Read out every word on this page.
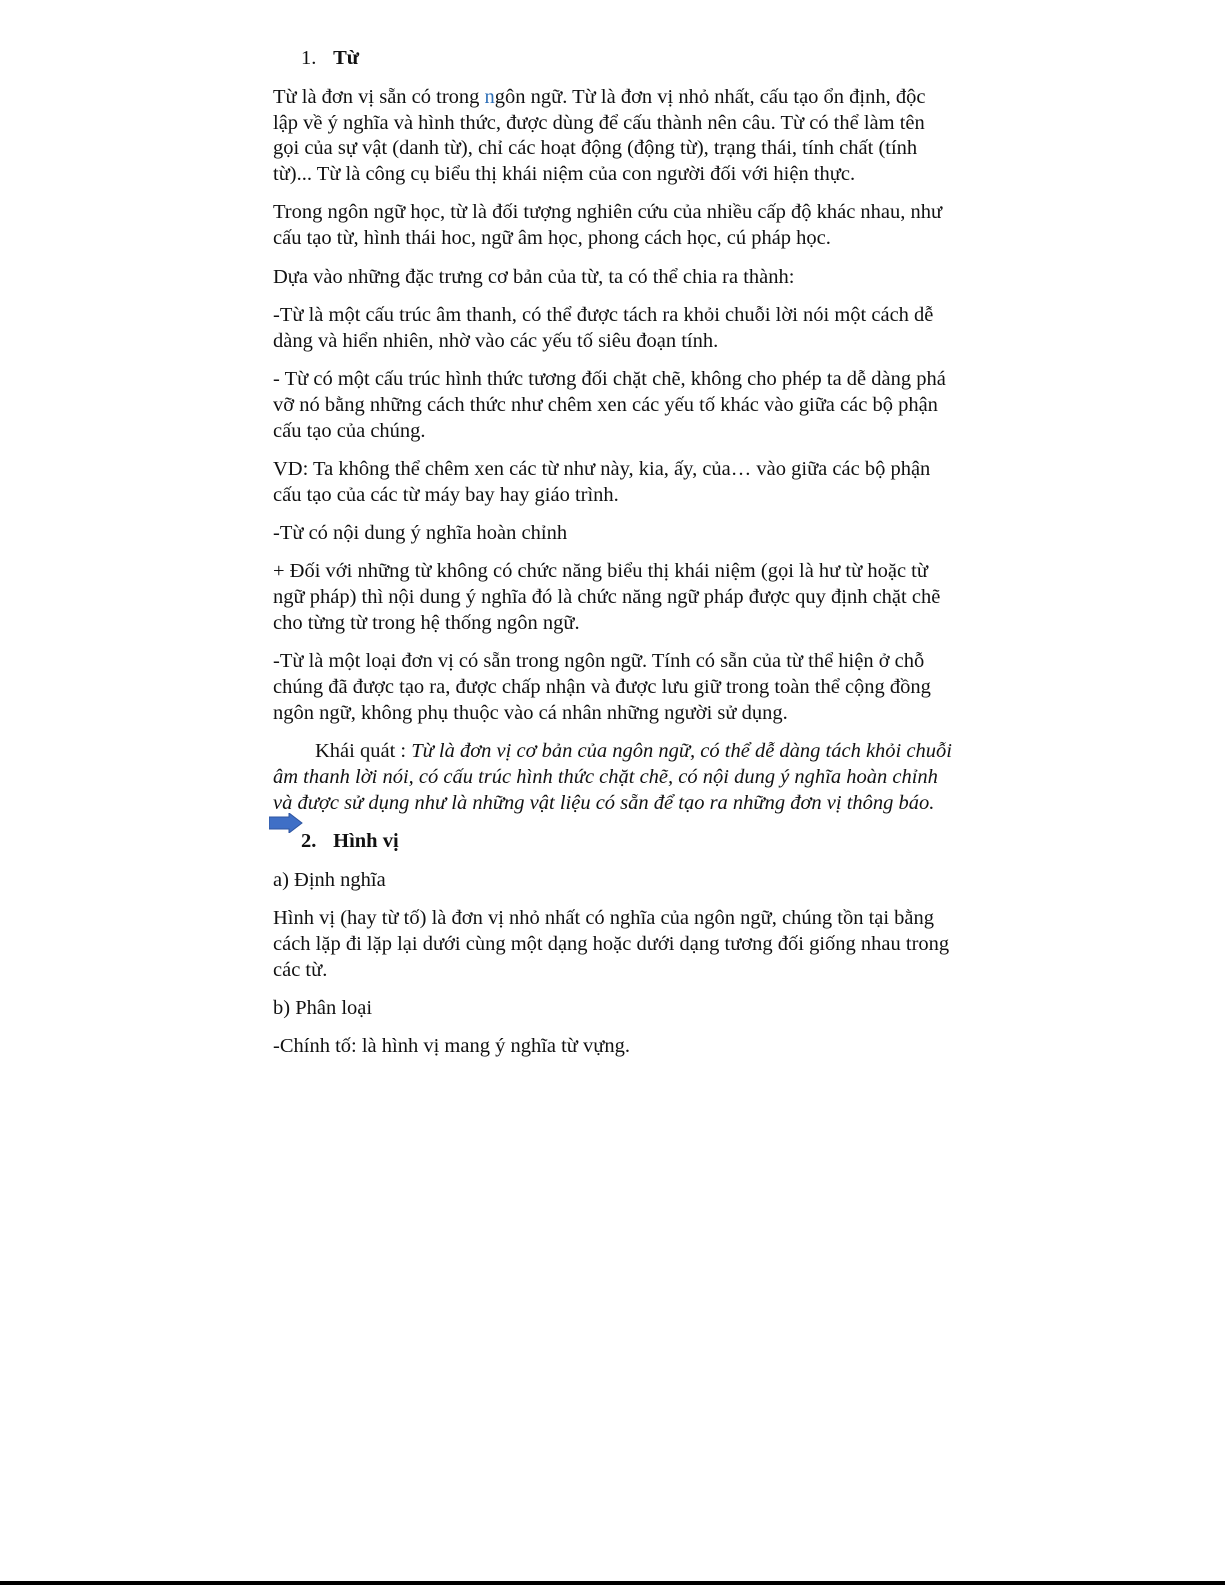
1. Từ

Từ là đơn vị sẵn có trong ngôn ngữ. Từ là đơn vị nhỏ nhất, cấu tạo ổn định, độc lập về ý nghĩa và hình thức, được dùng để cấu thành nên câu. Từ có thể làm tên gọi của sự vật (danh từ), chỉ các hoạt động (động từ), trạng thái, tính chất (tính từ)... Từ là công cụ biểu thị khái niệm của con người đối với hiện thực.

Trong ngôn ngữ học, từ là đối tượng nghiên cứu của nhiều cấp độ khác nhau, như cấu tạo từ, hình thái hoc, ngữ âm học, phong cách học, cú pháp học.

Dựa vào những đặc trưng cơ bản của từ, ta có thể chia ra thành:

-Từ là một cấu trúc âm thanh, có thể được tách ra khỏi chuỗi lời nói một cách dễ dàng và hiển nhiên, nhờ vào các yếu tố siêu đoạn tính.

- Từ có một cấu trúc hình thức tương đối chặt chẽ, không cho phép ta dễ dàng phá vỡ nó bằng những cách thức như chêm xen các yếu tố khác vào giữa các bộ phận cấu tạo của chúng.

VD: Ta không thể chêm xen các từ như này, kia, ấy, của… vào giữa các bộ phận cấu tạo của các từ máy bay hay giáo trình.

-Từ có nội dung ý nghĩa hoàn chỉnh

+ Đối với những từ không có chức năng biểu thị khái niệm (gọi là hư từ hoặc từ ngữ pháp) thì nội dung ý nghĩa đó là chức năng ngữ pháp được quy định chặt chẽ cho từng từ trong hệ thống ngôn ngữ.

-Từ là một loại đơn vị có sẵn trong ngôn ngữ. Tính có sẵn của từ thể hiện ở chỗ chúng đã được tạo ra, được chấp nhận và được lưu giữ trong toàn thể cộng đồng ngôn ngữ, không phụ thuộc vào cá nhân những người sử dụng.

Khái quát : Từ là đơn vị cơ bản của ngôn ngữ, có thể dễ dàng tách khỏi chuỗi âm thanh lời nói, có cấu trúc hình thức chặt chẽ, có nội dung ý nghĩa hoàn chỉnh và được sử dụng như là những vật liệu có sẵn để tạo ra những đơn vị thông báo.

2. Hình vị

a) Định nghĩa

Hình vị (hay từ tố) là đơn vị nhỏ nhất có nghĩa của ngôn ngữ, chúng tồn tại bằng cách lặp đi lặp lại dưới cùng một dạng hoặc dưới dạng tương đối giống nhau trong các từ.

b) Phân loại

-Chính tố: là hình vị mang ý nghĩa từ vựng.
